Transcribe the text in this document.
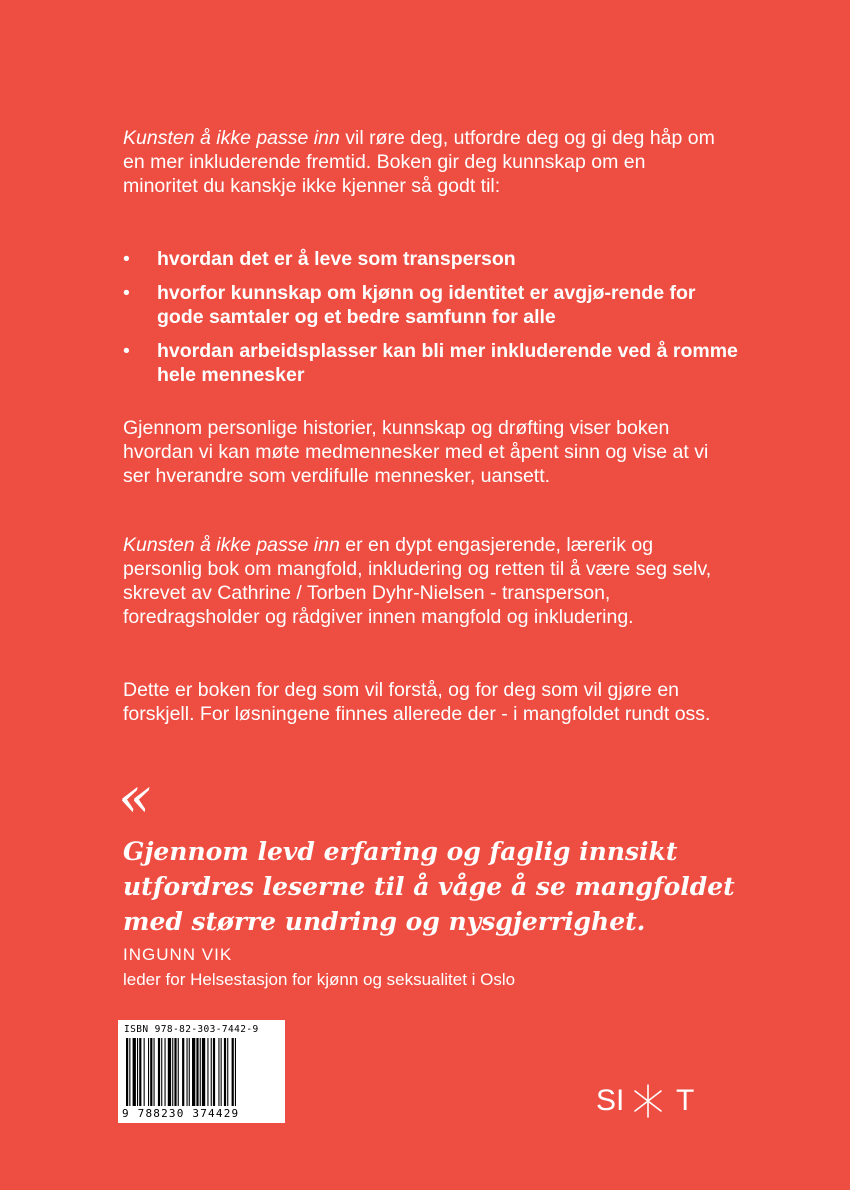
Kunsten å ikke passe inn vil røre deg, utfordre deg og gi deg håp om en mer inkluderende fremtid. Boken gir deg kunnskap om en minoritet du kanskje ikke kjenner så godt til:

• hvordan det er å leve som transperson
• hvorfor kunnskap om kjønn og identitet er avgjø-rende for gode samtaler og et bedre samfunn for alle
• hvordan arbeidsplasser kan bli mer inkluderende ved å romme hele mennesker

Gjennom personlige historier, kunnskap og drøfting viser boken hvordan vi kan møte medmennesker med et åpent sinn og vise at vi ser hverandre som verdifulle mennesker, uansett.

Kunsten å ikke passe inn er en dypt engasjerende, lærerik og personlig bok om mangfold, inkludering og retten til å være seg selv, skrevet av Cathrine / Torben Dyhr-Nielsen - transperson, foredragsholder og rådgiver innen mangfold og inkludering.

Dette er boken for deg som vil forstå, og for deg som vil gjøre en forskjell. For løsningene finnes allerede der - i mangfoldet rundt oss.

«
Gjennom levd erfaring og faglig innsikt utfordres leserne til å våge å se mangfoldet med større undring og nysgjerrighet.
INGUNN VIK
leder for Helsestasjon for kjønn og seksualitet i Oslo
ISBN 978-82-303-7442-9
9 788230 374429	SI T
